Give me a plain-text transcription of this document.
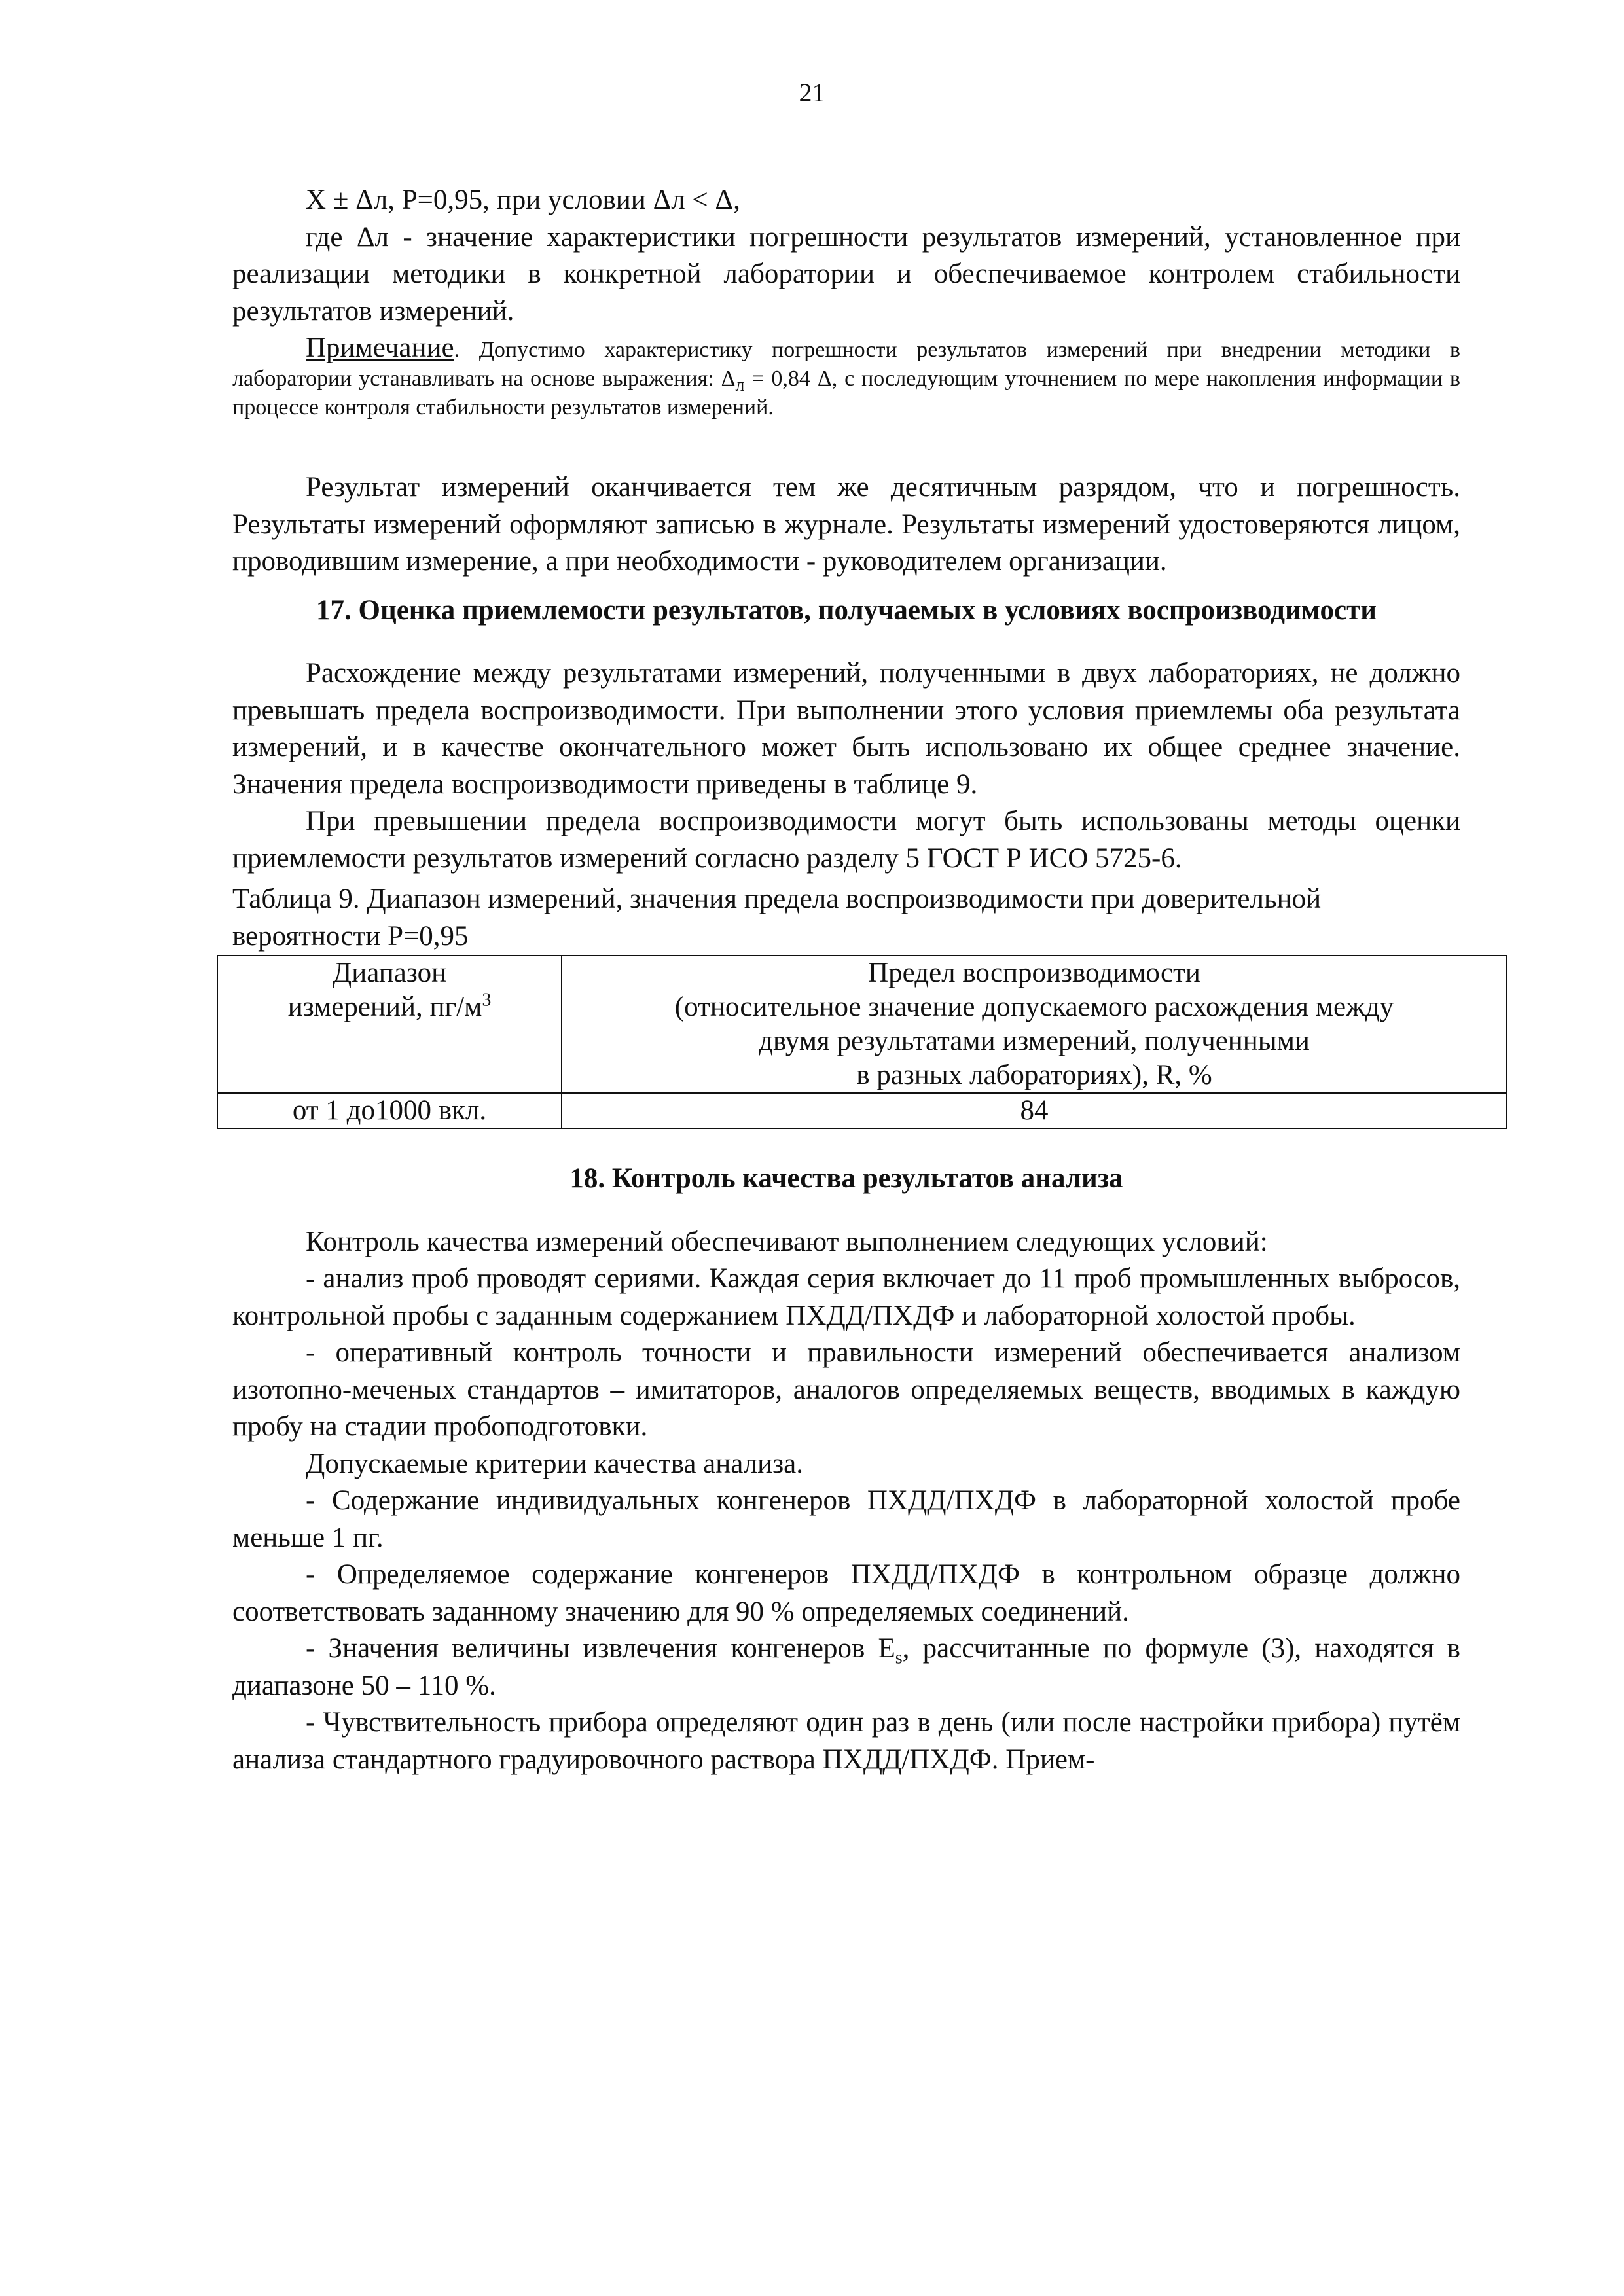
21

X ± Δл, P=0,95, при условии Δл < Δ,

где Δл - значение характеристики погрешности результатов измерений, установленное при реализации методики в конкретной лаборатории и обеспечиваемое контролем стабильности результатов измерений.

Примечание. Допустимо характеристику погрешности результатов измерений при внедрении методики в лаборатории устанавливать на основе выражения: $\Delta_л = 0,84$ Δ, с последующим уточнением по мере накопления информации в процессе контроля стабильности результатов измерений.

Результат измерений оканчивается тем же десятичным разрядом, что и погрешность. Результаты измерений оформляют записью в журнале. Результаты измерений удостоверяются лицом, проводившим измерение, а при необходимости - руководителем организации.

17. Оценка приемлемости результатов, получаемых в условиях воспроизводимости

Расхождение между результатами измерений, полученными в двух лабораториях, не должно превышать предела воспроизводимости. При выполнении этого условия приемлемы оба результата измерений, и в качестве окончательного может быть использовано их общее среднее значение. Значения предела воспроизводимости приведены в таблице 9.

При превышении предела воспроизводимости могут быть использованы методы оценки приемлемости результатов измерений согласно разделу 5 ГОСТ Р ИСО 5725-6.

Таблица 9. Диапазон измерений, значения предела воспроизводимости при доверительной

вероятности P=0,95

Диапазон
измерений, $пг/м^3$	Предел воспроизводимости
(относительное значение допускаемого расхождения между
двумя результатами измерений, полученными
в разных лабораториях), R, %
от 1 до1000 вкл.	84

18. Контроль качества результатов анализа

Контроль качества измерений обеспечивают выполнением следующих условий:

- анализ проб проводят сериями. Каждая серия включает до 11 проб промышленных выбросов, контрольной пробы с заданным содержанием ПХДД/ПХДФ и лабораторной холостой пробы.

- оперативный контроль точности и правильности измерений обеспечивается анализом изотопно-меченых стандартов – имитаторов, аналогов определяемых веществ, вводимых в каждую пробу на стадии пробоподготовки.

Допускаемые критерии качества анализа.

- Содержание индивидуальных конгенеров ПХДД/ПХДФ в лабораторной холостой пробе меньше 1 пг.

- Определяемое содержание конгенеров ПХДД/ПХДФ в контрольном образце должно соответствовать заданному значению для 90 % определяемых соединений.

- Значения величины извлечения конгенеров $E_s$, рассчитанные по формуле (3), находятся в диапазоне 50 – 110 %.

- Чувствительность прибора определяют один раз в день (или после настройки прибора) путём анализа стандартного градуировочного раствора ПХДД/ПХДФ. Прием-
